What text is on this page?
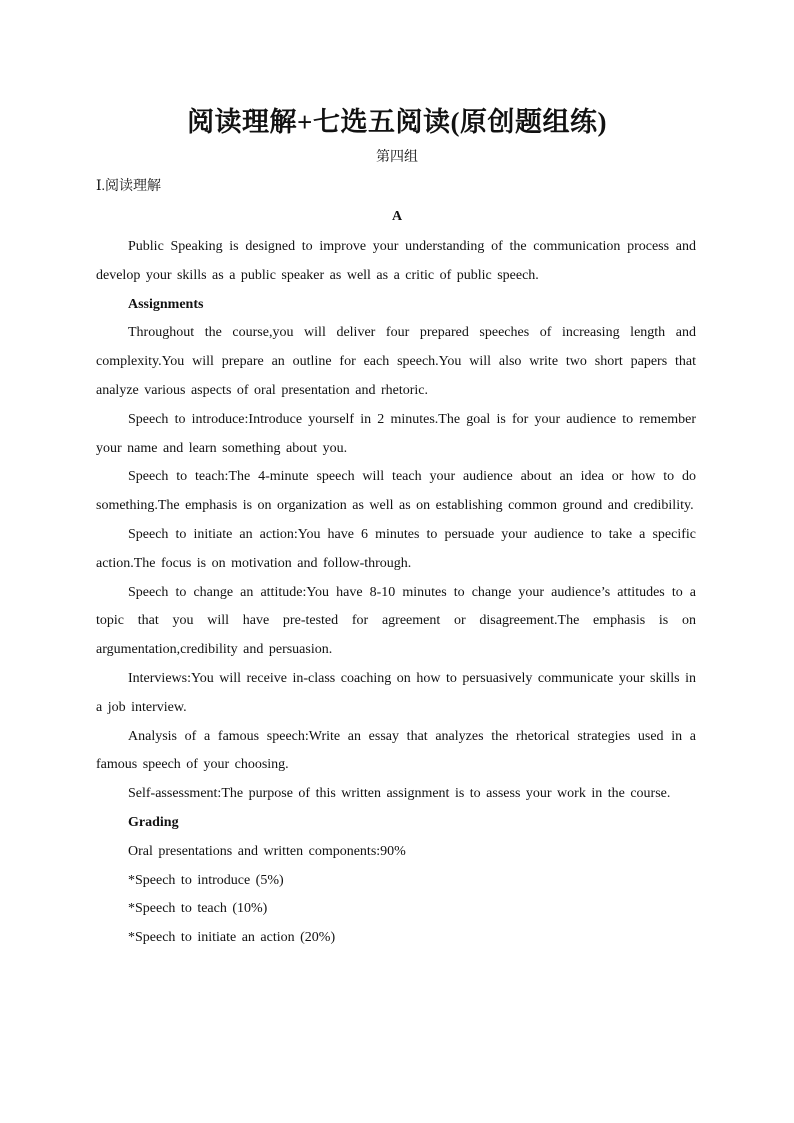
阅读理解+七选五阅读(原创题组练)
第四组
Ⅰ.阅读理解
A

Public Speaking is designed to improve your understanding of the communication process and develop your skills as a public speaker as well as a critic of public speech.

Assignments

Throughout the course,you will deliver four prepared speeches of increasing length and complexity.You will prepare an outline for each speech.You will also write two short papers that analyze various aspects of oral presentation and rhetoric.

Speech to introduce:Introduce yourself in 2 minutes.The goal is for your audience to remember your name and learn something about you.

Speech to teach:The 4-minute speech will teach your audience about an idea or how to do something.The emphasis is on organization as well as on establishing common ground and credibility.

Speech to initiate an action:You have 6 minutes to persuade your audience to take a specific action.The focus is on motivation and follow-through.

Speech to change an attitude:You have 8-10 minutes to change your audience’s attitudes to a topic that you will have pre-tested for agreement or disagreement.The emphasis is on argumentation,credibility and persuasion.

Interviews:You will receive in-class coaching on how to persuasively communicate your skills in a job interview.

Analysis of a famous speech:Write an essay that analyzes the rhetorical strategies used in a famous speech of your choosing.

Self-assessment:The purpose of this written assignment is to assess your work in the course.

Grading

Oral presentations and written components:90%

*Speech to introduce (5%)

*Speech to teach (10%)

*Speech to initiate an action (20%)
